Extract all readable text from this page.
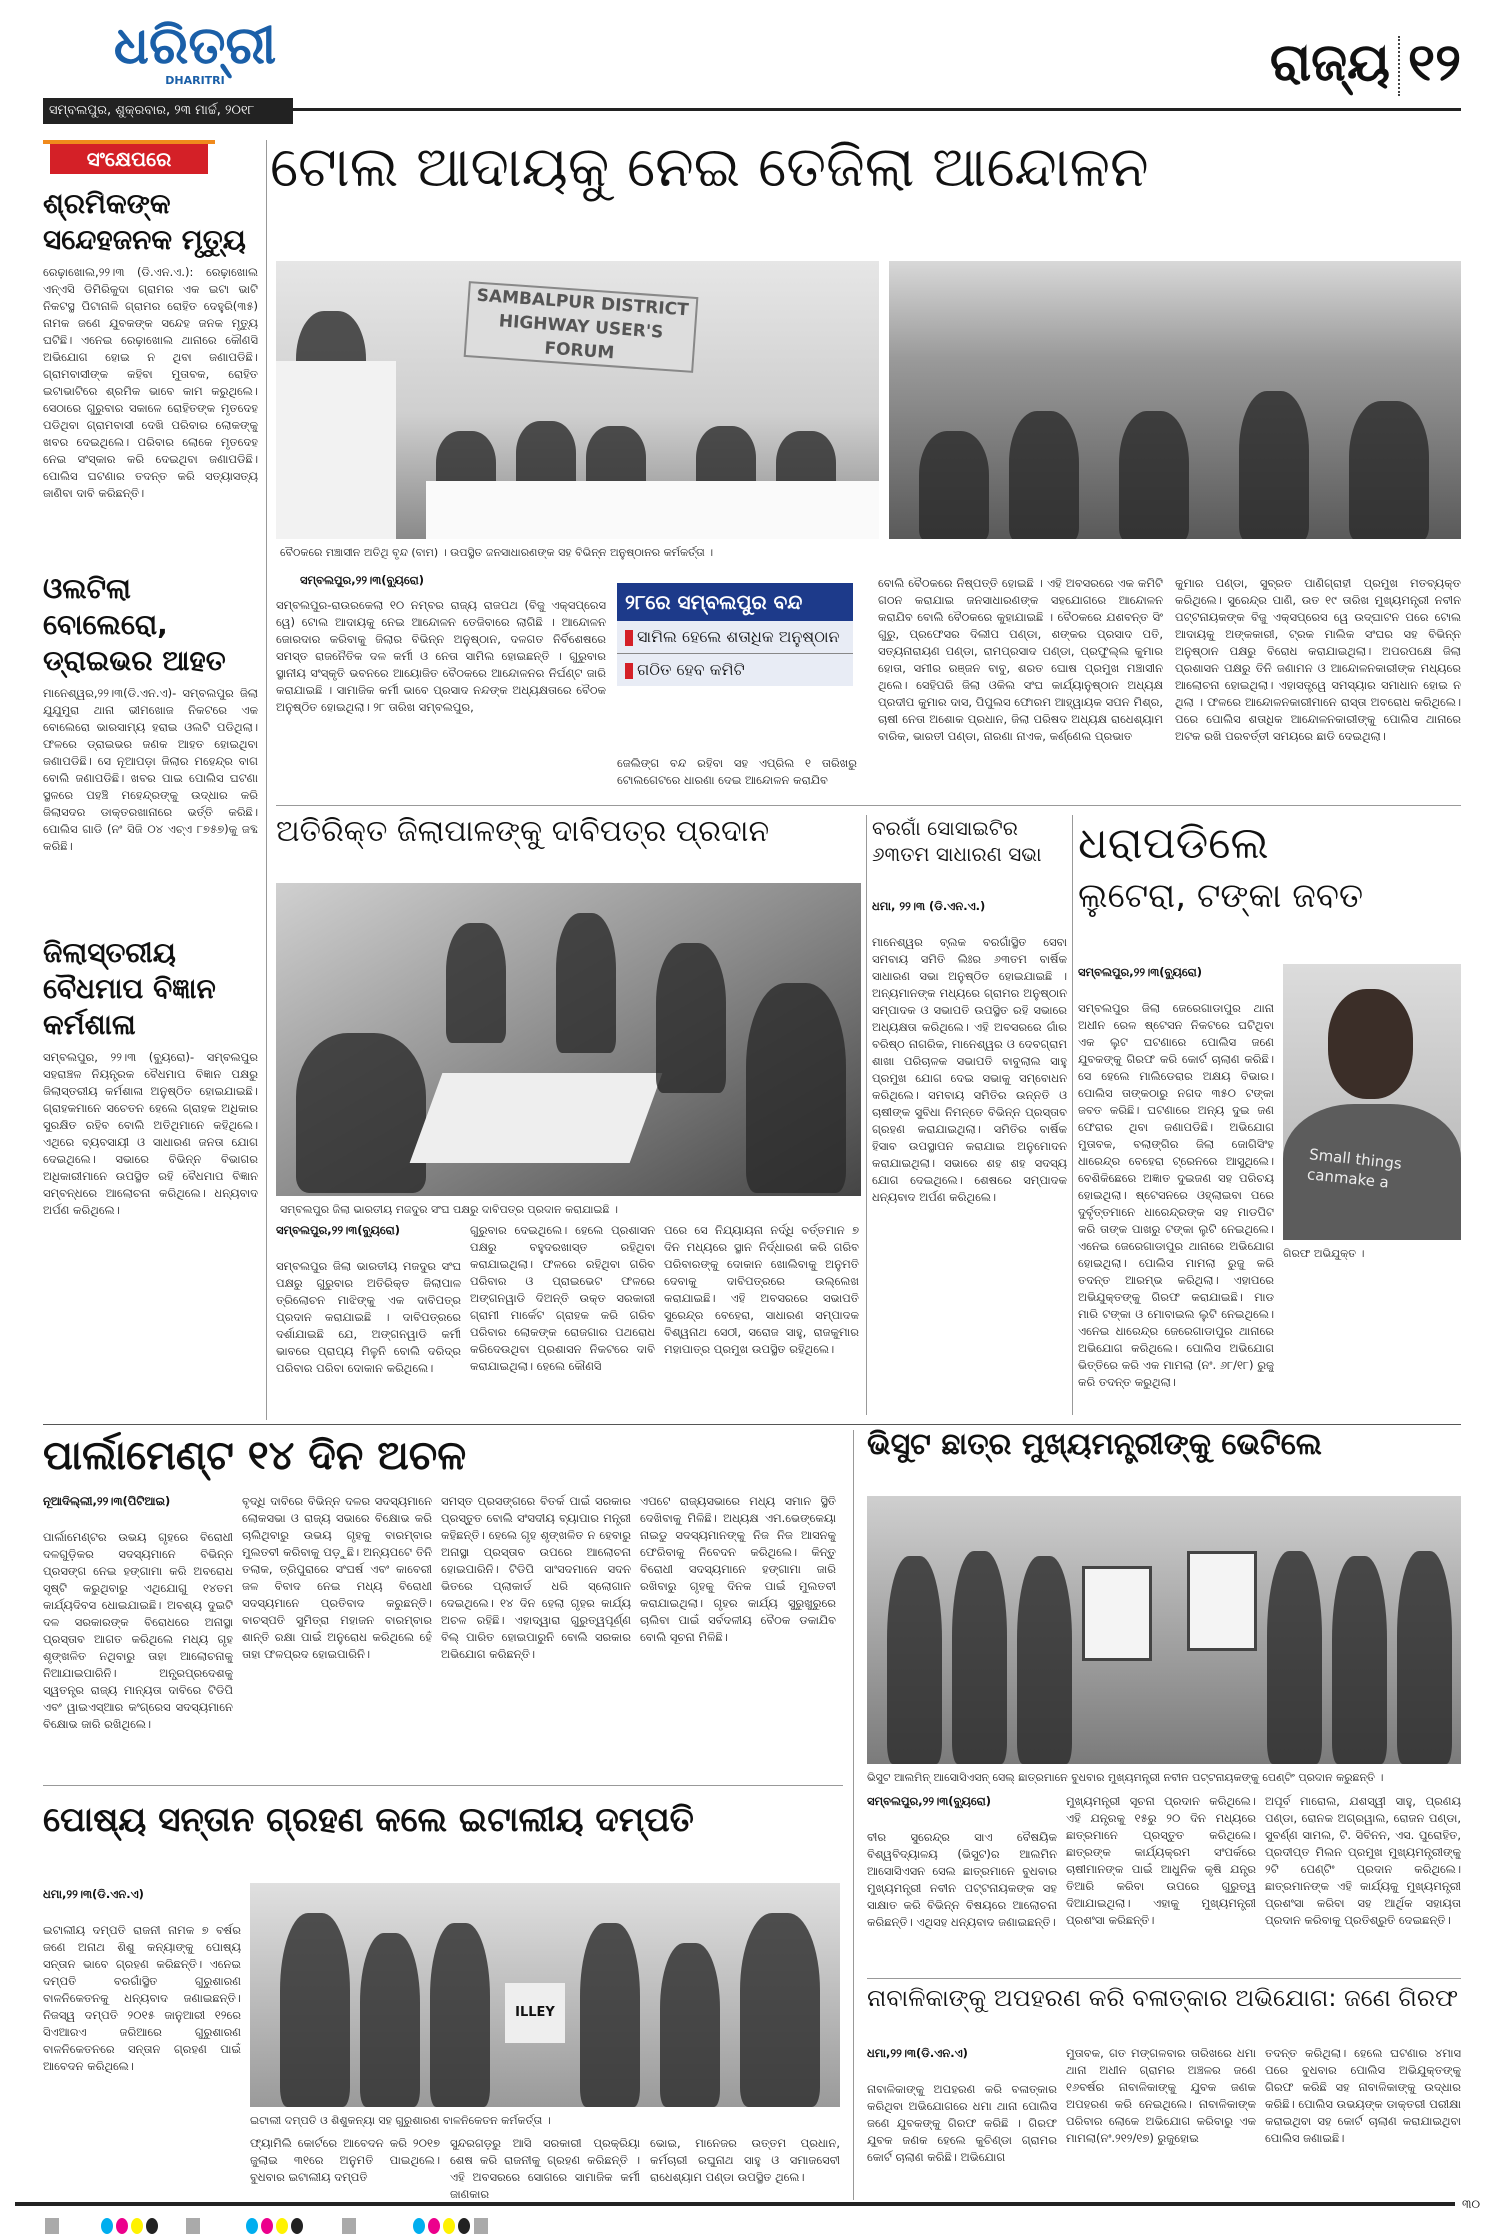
ଧରିତ୍ରୀ
DHARITRI
ସମ୍ବଲପୁର, ଶୁକ୍ରବାର, ୨୩ ମାର୍ଚ୍ଚ, ୨୦୧୮
ରାଜ୍ୟ ୧୨
ସଂକ୍ଷେପରେ
ଶ୍ରମିକଙ୍କ ସନ୍ଦେହଜନକ ମୃତ୍ୟୁ
ରେଢ଼ାଖୋଲ,୨୨।୩ (ଡି.ଏନ.ଏ.): ରେଢ଼ାଖୋଲ ଏନ୍‌ଏସି ଡିମିରିକୁଦା ଗ୍ରାମର ଏକ ଇଟା ଭାଟି ନିକଟସ୍ଥ ପିଟାନାଳି ଗ୍ରାମର ରୋହିତ ଦେହୁରି(୩୫) ନାମକ ଜଣେ ଯୁବକଙ୍କ ସନ୍ଦେହ ଜନକ ମୃତ୍ୟୁ ଘଟିଛି। ଏନେଇ ରେଢ଼ାଖୋଲ ଥାନାରେ କୌଣସି ଅଭିଯୋଗ ହୋଇ ନ ଥିବା ଜଣାପଡିଛି। ଗ୍ରାମବାସୀଙ୍କ କହିବା ମୁତାବକ, ରୋହିତ ଇଟାଭାଟିରେ ଶ୍ରମିକ ଭାବେ କାମ କରୁଥିଲେ। ସେଠାରେ ଗୁରୁବାର ସକାଳେ ରୋହିତଙ୍କ ମୃତଦେହ ପଡିଥିବା ଗ୍ରାମବାସୀ ଦେଖି ପରିବାର ଲୋକଙ୍କୁ ଖବର ଦେଇଥିଲେ। ପରିବାର ଲୋକେ ମୃତଦେହ ନେଇ ସଂସ୍କାର କରି ଦେଇଥିବା ଜଣାପଡିଛି। ପୋଲିସ ଘଟଣାର ତଦନ୍ତ କରି ସତ୍ୟାସତ୍ୟ ଜାଣିବା ଦାବି କରିଛନ୍ତି।
ଓଲଟିଲା ବୋଲେରୋ, ଡ୍ରାଇଭର ଆହତ
ମାନେଶ୍ୱର,୨୨।୩(ଡି.ଏନ.ଏ)- ସମ୍ବଲପୁର ଜିଲା ଯୁଯୁମୁରା ଥାନା ଭୀମଖୋଜ ନିକଟରେ ଏକ ବୋଲେରୋ ଭାରସାମ୍ୟ ହରାଇ ଓଲଟି ପଡିଥିଲା। ଫଳରେ ଡ୍ରାଇଭର ଜଣକ ଆହତ ହୋଇଥିବା ଜଣାପଡିଛି। ସେ ନୂଆପଡ଼ା ଜିଲାର ମହେନ୍ଦ୍ର ବାଗ ବୋଲି ଜଣାପଡିଛି। ଖବର ପାଇ ପୋଲିସ ଘଟଣା ସ୍ଥଳରେ ପହଞ୍ଚି ମହେନ୍ଦ୍ରଙ୍କୁ ଉଦ୍ଧାର କରି ଜିଲାସଦର ଡାକ୍ତରଖାନାରେ ଭର୍ତ୍ତି କରିଛି। ପୋଲିସ ଗାଡି (ନଂ ସିଜି ୦୪ ଏଚ୍‌ଏ ୮୭୫୭)କୁ ଜବ୍ଦ କରିଛି।
ଜିଲାସ୍ତରୀୟ ବୈଧମାପ ବିଜ୍ଞାନ କର୍ମଶାଳା
ସମ୍ବଲପୁର, ୨୨।୩ (ବ୍ୟୁରୋ)- ସମ୍ବଲପୁର ସହରାଞ୍ଚଳ ନିୟନ୍ତ୍ରକ ବୈଧମାପ ବିଜ୍ଞାନ ପକ୍ଷରୁ ଜିଲାସ୍ତରୀୟ କର୍ମଶାଳା ଅନୁଷ୍ଠିତ ହୋଇଯାଇଛି। ଗ୍ରାହକମାନେ ସଚେତନ ହେଲେ ଗ୍ରାହକ ଅଧିକାର ସୁରକ୍ଷିତ ରହିବ ବୋଲି ଅତିଥିମାନେ କହିଥିଲେ। ଏଥିରେ ବ୍ୟବସାୟୀ ଓ ସାଧାରଣ ଜନତା ଯୋଗ ଦେଇଥିଲେ। ସଭାରେ ବିଭିନ୍ନ ବିଭାଗର ଅଧିକାରୀମାନେ ଉପସ୍ଥିତ ରହି ବୈଧମାପ ବିଜ୍ଞାନ ସମ୍ବନ୍ଧରେ ଆଲୋଚନା କରିଥିଲେ। ଧନ୍ୟବାଦ ଅର୍ପଣ କରିଥିଲେ।
ଟୋଲ ଆଦାୟକୁ ନେଇ ତେଜିଲା ଆନ୍ଦୋଳନ
SAMBALPUR DISTRICT
HIGHWAY USER'S FORUM
ବୈଠକରେ ମଞ୍ଚାସୀନ ଅତିଥି ବୃନ୍ଦ (ବାମ) । ଉପସ୍ଥିତ ଜନସାଧାରଣଙ୍କ ସହ ବିଭିନ୍ନ ଅନୁଷ୍ଠାନର କର୍ମକର୍ତ୍ତା ।
ସମ୍ବଲପୁର,୨୨।୩(ବ୍ୟୁରୋ)
ସମ୍ବଲପୁର-ରାଉରକେଲା ୧୦ ନମ୍ବର ରାଜ୍ୟ ରାଜପଥ (ବିଜୁ ଏକ୍ସପ୍ରେସ ୱେ) ଟୋଲ ଆଦାୟକୁ ନେଇ ଆନ୍ଦୋଳନ ତେଜିବାରେ ଲାଗିଛି । ଆନ୍ଦୋଳନ ଜୋରଦାର କରିବାକୁ ଜିଲାର ବିଭିନ୍ନ ଅନୁଷ୍ଠାନ, ଦଳଗତ ନିର୍ବିଶେଷରେ ସମସ୍ତ ରାଜନୈତିକ ଦଳ କର୍ମୀ ଓ ନେତା ସାମିଲ ହୋଇଛନ୍ତି । ଗୁରୁବାର ସ୍ଥାନୀୟ ସଂସ୍କୃତି ଭବନରେ ଆୟୋଜିତ ବୈଠକରେ ଆନ୍ଦୋଳନର ନିର୍ଘଣ୍ଟ ଜାରି କରାଯାଇଛି । ସାମାଜିକ କର୍ମୀ ଭାବେ ପ୍ରସାଦ ନନ୍ଦଙ୍କ ଅଧ୍ୟକ୍ଷତାରେ ବୈଠକ ଅନୁଷ୍ଠିତ ହୋଇଥିଲା। ୨୮ ତାରିଖ ସମ୍ବଲପୁର,
୨୮ରେ ସମ୍ବଲପୁର ବନ୍ଦ
ସାମିଲ ହେଲେ ଶତାଧିକ ଅନୁଷ୍ଠାନ
ଗଠିତ ହେବ କମିଟି
ଜେଲିଙ୍ଗ ବନ୍ଦ ରହିବା ସହ ଏପ୍ରିଲ ୧ ତାରିଖରୁ ଟୋଲଗେଟରେ ଧାରଣା ଦେଇ ଆନ୍ଦୋଳନ କରାଯିବ
ବୋଲି ବୈଠକରେ ନିଷ୍ପତ୍ତି ହୋଇଛି । ଏହି ଅବସରରେ ଏକ କମିଟି ଗଠନ କରାଯାଇ ଜନସାଧାରଣଙ୍କ ସହଯୋଗରେ ଆନ୍ଦୋଳନ କରାଯିବ ବୋଲି ବୈଠକରେ କୁହାଯାଇଛି । ବୈଠକରେ ଯଶବନ୍ତ ସିଂ ଗୁରୁ, ପ୍ରଫେସର ଦିଲୀପ ପଣ୍ଡା, ଶଙ୍କର ପ୍ରସାଦ ପତି, ସତ୍ୟନାରାୟଣ ପଣ୍ଡା, ରାମପ୍ରସାଦ ପଣ୍ଡା, ପ୍ରଫୁଲ୍ଲ କୁମାର ହୋତା, ସମୀର ରଞ୍ଜନ ବାବୁ, ଶରତ ଘୋଷ ପ୍ରମୁଖ ମଞ୍ଚାସୀନ ଥିଲେ। ସେହିପରି ଜିଲା ଓକିଲ ସଂଘ କାର୍ଯ୍ୟାନୁଷ୍ଠାନ ଅଧ୍ୟକ୍ଷ ପ୍ରଦୀପ କୁମାର ଦାସ, ପିପୁଲସ ଫୋରମ ଆହ୍ୱାୟକ ସପନ ମିଶ୍ର, ଚାଷୀ ନେତା ଅଶୋକ ପ୍ରଧାନ, ଜିଲା ପରିଷଦ ଅଧ୍ୟକ୍ଷ ରାଧେଶ୍ୟାମ ବାରିକ, ଭାରତୀ ପଣ୍ଡା, ନାରଣା ନାଏକ, କର୍ଣ୍ଣେଲ ପ୍ରଭାତ
କୁମାର ପଣ୍ଡା, ସୁବ୍ରତ ପାଣିଗ୍ରାହୀ ପ୍ରମୁଖ ମତବ୍ୟକ୍ତ କରିଥିଲେ। ସୁରେନ୍ଦ୍ର ପାଣି, ଉତ ୧୯ ତାରିଖ ମୁଖ୍ୟମନ୍ତ୍ରୀ ନବୀନ ପଟ୍ଟନାୟକଙ୍କ ବିଜୁ ଏକ୍ସପ୍ରେସ ୱେ ଉଦ୍‌ଘାଟନ ପରେ ଟୋଲ ଆଦାୟକୁ ଅଙ୍କକାରୀ, ଟ୍ରକ ମାଲିକ ସଂଘର ସହ ବିଭିନ୍ନ ଅନୁଷ୍ଠାନ ପକ୍ଷରୁ ବିରୋଧ କରାଯାଇଥିଲା। ଅପରପକ୍ଷେ ଜିଲା ପ୍ରଶାସନ ପକ୍ଷରୁ ତିନି ଜଣାମନ ଓ ଆନ୍ଦୋଳନକାରୀଙ୍କ ମଧ୍ୟରେ ଆଲୋଚନା ହୋଇଥିଲା। ଏହାସତ୍ତ୍ୱେ ସମସ୍ୟାର ସମାଧାନ ହୋଇ ନ ଥିଲା । ଫଳରେ ଆନ୍ଦୋଳନକାରୀମାନେ ରାସ୍ତା ଅବରୋଧ କରିଥିଲେ। ପରେ ପୋଲିସ ଶତାଧିକ ଆନ୍ଦୋଳନକାରୀଙ୍କୁ ପୋଲିସ ଥାନାରେ ଅଟକ ରଖି ପରବର୍ତ୍ତୀ ସମୟରେ ଛାଡି ଦେଇଥିଲା।
ଅତିରିକ୍ତ ଜିଲାପାଳଙ୍କୁ ଦାବିପତ୍ର ପ୍ରଦାନ
ସମ୍ବଲପୁର ଜିଲା ଭାରତୀୟ ମଜଦୁର ସଂଘ ପକ୍ଷରୁ ଦାବିପତ୍ର ପ୍ରଦାନ କରାଯାଇଛି ।
ସମ୍ବଲପୁର,୨୨।୩(ବ୍ୟୁରୋ)
ସମ୍ବଲପୁର ଜିଲା ଭାରତୀୟ ମଜଦୁର ସଂଘ ପକ୍ଷରୁ ଗୁରୁବାର ଅତିରିକ୍ତ ଜିଲାପାଳ ତ୍ରିଲୋଚନ ମାଝିଙ୍କୁ ଏକ ଦାବିପତ୍ର ପ୍ରଦାନ କରାଯାଇଛି । ଦାବିପତ୍ରରେ ଦର୍ଶାଯାଇଛି ଯେ, ଅଙ୍ଗନୱାଡି କର୍ମୀ ଭାବରେ ପ୍ରାପ୍ୟ ମିଳୁନି ବୋଲି ଦରିଦ୍ର ପରିବାର ପରିବା ଦୋକାନ କରିଥିଲେ।
ଗୁରୁବାର ଦେଇଥିଲେ। ହେଲେ ପ୍ରଶାସନ ପକ୍ଷରୁ ବହୁଦରଖାସ୍ତ ରହିଥିବା କରାଯାଇଥିଲା। ଫଳରେ ରହିଥିବା ଗରିବ ପରିବାର ଓ ପ୍ରାଇଭେଟ ଫଳରେ ଅଙ୍ଗନୱାଡି ଦିଅନ୍ତି ଉକ୍ତ ସରକାରୀ ଗ୍ରାମୀ ମାର୍କେଟ ଗ୍ରାହକ କରି ଗରିବ ପରିବାର ଲୋକଙ୍କ ରୋଜଗାର ପଥରୋଧ କରିଦେଉଥିବା ପ୍ରଶାସନ ନିକଟରେ ଦାବି କରାଯାଇଥିଲା। ହେଲେ କୌଣସି
ପରେ ସେ ନିଯ୍ୟାୟନା ନର୍ଦ୍ଧି ବର୍ତ୍ତମାନ ୭ ଦିନ ମଧ୍ୟରେ ସ୍ଥାନ ନିର୍ଦ୍ଧାରଣ କରି ଗରିବ ପରିବାରଙ୍କୁ ଦୋକାନ ଖୋଲିବାକୁ ଅନୁମତି ଦେବାକୁ ଦାବିପତ୍ରରେ ଉଲ୍ଲେଖ କରାଯାଇଛି। ଏହି ଅବସରରେ ସଭାପତି ସୁରେନ୍ଦ୍ର ବେହେରା, ସାଧାରଣ ସମ୍ପାଦକ ବିଶ୍ୱନାଥ ସେଠୀ, ସରୋଜ ସାହୁ, ରାଜକୁମାର ମହାପାତ୍ର ପ୍ରମୁଖ ଉପସ୍ଥିତ ରହିଥିଲେ।
ବରଗାଁ ସୋସାଇଟିର ୬୩ତମ ସାଧାରଣ ସଭା
ଧମା, ୨୨।୩ (ଡି.ଏନ.ଏ.)
ମାନେଶ୍ୱର ବ୍ଲକ ବରଗାଁସ୍ଥିତ ସେବା ସମବାୟ ସମିତି ଲିଃର ୬୩ତମ ବାର୍ଷିକ ସାଧାରଣ ସଭା ଅନୁଷ୍ଠିତ ହୋଇଯାଇଛି । ଅନ୍ୟମାନଙ୍କ ମଧ୍ୟରେ ଗ୍ରାମର ଅନୁଷ୍ଠାନ ସମ୍ପାଦକ ଓ ସଭାପତି ଉପସ୍ଥିତ ରହି ସଭାରେ ଅଧ୍ୟକ୍ଷତା କରିଥିଲେ। ଏହି ଅବସରରେ ଗାଁର ବରିଷ୍ଠ ନାଗରିକ, ମାନେଶ୍ୱର ଓ ଦେବଗ୍ରାମ ଶାଖା ପରିଚାଳକ ସଭାପତି ବାବୁଲାଲ ସାହୁ ପ୍ରମୁଖ ଯୋଗ ଦେଇ ସଭାକୁ ସମ୍ବୋଧନ କରିଥିଲେ। ସମବାୟ ସମିତିର ଉନ୍ନତି ଓ ଚାଷୀଙ୍କ ସୁବିଧା ନିମନ୍ତେ ବିଭିନ୍ନ ପ୍ରସ୍ତାବ ଗ୍ରହଣ କରାଯାଇଥିଲା। ସମିତିର ବାର୍ଷିକ ହିସାବ ଉପସ୍ଥାପନ କରାଯାଇ ଅନୁମୋଦନ କରାଯାଇଥିଲା। ସଭାରେ ଶହ ଶହ ସଦସ୍ୟ ଯୋଗ ଦେଇଥିଲେ। ଶେଷରେ ସମ୍ପାଦକ ଧନ୍ୟବାଦ ଅର୍ପଣ କରିଥିଲେ।
ଧରାପଡିଲେ
ଲୁଟେରା, ଟଙ୍କା ଜବତ
Small things
canmake a
ସମ୍ବଲପୁର,୨୨।୩(ବ୍ୟୁରୋ)
ସମ୍ବଲପୁର ଜିଲା ଜେରେଗାଡାପୁର ଥାନା ଅଧୀନ ରେଳ ଷ୍ଟେସନ ନିକଟରେ ଘଟିଥିବା ଏକ ଲୁଟ ଘଟଣାରେ ପୋଲିସ ଜଣେ ଯୁବକଙ୍କୁ ଗିରଫ କରି କୋର୍ଟ ଚାଲାଣ କରିଛି। ସେ ହେଲେ ମାଲିଡେରାର ଅକ୍ଷୟ ବିଭାର। ପୋଲିସ ତାଙ୍କଠାରୁ ନଗଦ ୩୫୦ ଟଙ୍କା ଜବତ କରିଛି। ଘଟଣାରେ ଅନ୍ୟ ଦୁଇ ଜଣ ଫେରାର ଥିବା ଜଣାପଡିଛି। ଅଭିଯୋଗ ମୁତାବକ, ବଲାଙ୍ଗିର ଜିଲା ଜୋଗିସିଂହ ଧାରେନ୍ଦ୍ର ବେହେରା ଟ୍ରେନରେ ଆସୁଥିଲେ। ବେଶିକିଛେରେ ଅଜ୍ଞାତ ଦୁଇଜଣ ସହ ପରିଚୟ ହୋଇଥିଲା। ଷ୍ଟେସନରେ ଓହ୍ଲାଇବା ପରେ ଦୁର୍ବୃତ୍ତମାନେ ଧାରେନ୍ଦ୍ରଙ୍କ ସହ ମାଡପିଟ କରି ତାଙ୍କ ପାଖରୁ ଟଙ୍କା ଲୁଟି ନେଇଥିଲେ। ଏନେଇ ଜେରେଗାଡାପୁର ଥାନାରେ ଅଭିଯୋଗ ହୋଇଥିଲା। ପୋଲିସ ମାମଲା ରୁଜୁ କରି ତଦନ୍ତ ଆରମ୍ଭ କରିଥିଲା। ଏହାପରେ ଅଭିଯୁକ୍ତଙ୍କୁ ଗିରଫ କରାଯାଇଛି। ମାଡ ମାରି ଟଙ୍କା ଓ ମୋବାଇଲ ଲୁଟି ନେଇଥିଲେ। ଏନେଇ ଧାରେନ୍ଦ୍ର ଜେରେଗାଡାପୁର ଥାନାରେ ଅଭିଯୋଗ କରିଥିଲେ। ପୋଲିସ ଅଭିଯୋଗ ଭିତ୍ତିରେ କରି ଏକ ମାମଲା (ନଂ. ୬୮/୧୮) ରୁଜୁ କରି ତଦନ୍ତ କରୁଥିଲା।
ଗିରଫ ଅଭିଯୁକ୍ତ ।
ପାର୍ଲାମେଣ୍ଟ ୧୪ ଦିନ ଅଚଳ
ନୂଆଦିଲ୍ଲୀ,୨୨।୩(ପିଟିଆଇ)
ପାର୍ଲାମେଣ୍ଟର ଉଭୟ ଗୃହରେ ବିରୋଧୀ ଦଳଗୁଡ଼ିକର ସଦସ୍ୟମାନେ ବିଭିନ୍ନ ପ୍ରସଙ୍ଗ ନେଇ ହଙ୍ଗାମା କରି ଅବରୋଧ ସୃଷ୍ଟି କରୁଥିବାରୁ ଏଥିଯୋଗୁ ୧୪ତମ କାର୍ଯ୍ୟଦିବସ ଧୋଇଯାଇଛି। ଅବଶ୍ୟ ଦୁଇଟି ଦଳ ସରକାରଙ୍କ ବିରୋଧରେ ଅନାସ୍ଥା ପ୍ରସ୍ତାବ ଆଗତ କରିଥିଲେ ମଧ୍ୟ ଗୃହ ଶୃଙ୍ଖଳିତ ନଥିବାରୁ ତାହା ଆଲୋଚନାକୁ ନିଆଯାଇପାରିନି। ଅନ୍ଧ୍ରପ୍ରଦେଶକୁ ସ୍ୱତନ୍ତ୍ର ରାଜ୍ୟ ମାନ୍ୟତା ଦାବିରେ ଟିଡିପି ଏବଂ ୱାଇଏସ୍‌ଆର କଂଗ୍ରେସ ସଦସ୍ୟମାନେ ବିକ୍ଷୋଭ ଜାରି ରଖିଥିଲେ।
ବୃଦ୍ଧି ଦାବିରେ ବିଭିନ୍ନ ଦଳର ସଦସ୍ୟମାନେ ଲୋକସଭା ଓ ରାଜ୍ୟ ସଭାରେ ବିକ୍ଷୋଭ କରି ଚାଲିଥିବାରୁ ଉଭୟ ଗୃହକୁ ବାରମ୍ବାର ମୁଲତବୀ କରିବାକୁ ପଡ଼ୁଛି। ଅନ୍ୟପଟେ ତିନି ତଲାକ, ତ୍ରିପୁରାରେ ସଂଘର୍ଷ ଏବଂ କାବେରୀ ଜଳ ବିବାଦ ନେଇ ମଧ୍ୟ ବିରୋଧୀ ସଦସ୍ୟମାନେ ପ୍ରତିବାଦ କରୁଛନ୍ତି। ବାଚସ୍ପତି ସୁମିତ୍ରା ମହାଜନ ବାରମ୍ବାର ଶାନ୍ତି ରକ୍ଷା ପାଇଁ ଅନୁରୋଧ କରିଥିଲେ ହେଁ ତାହା ଫଳପ୍ରଦ ହୋଇପାରିନି।
ସମସ୍ତ ପ୍ରସଙ୍ଗରେ ବିତର୍କ ପାଇଁ ସରକାର ପ୍ରସ୍ତୁତ ବୋଲି ସଂସଦୀୟ ବ୍ୟାପାର ମନ୍ତ୍ରୀ କହିଛନ୍ତି। ହେଲେ ଗୃହ ଶୃଙ୍ଖଳିତ ନ ହେବାରୁ ଅନାସ୍ଥା ପ୍ରସ୍ତାବ ଉପରେ ଆଲୋଚନା ହୋଇପାରିନି। ଟିଡିପି ସାଂସଦମାନେ ସଦନ ଭିତରେ ପ୍ଲାକାର୍ଡ ଧରି ସ୍ଲୋଗାନ ଦେଇଥିଲେ। ୧୪ ଦିନ ହେଲା ଗୃହର କାର୍ଯ୍ୟ ଅଚଳ ରହିଛି। ଏହାଦ୍ୱାରା ଗୁରୁତ୍ୱପୂର୍ଣ୍ଣ ବିଲ୍ ପାରିତ ହୋଇପାରୁନି ବୋଲି ସରକାର ଅଭିଯୋଗ କରିଛନ୍ତି।
ଏପଟେ ରାଜ୍ୟସଭାରେ ମଧ୍ୟ ସମାନ ସ୍ଥିତି ଦେଖିବାକୁ ମିଳିଛି। ଅଧ୍ୟକ୍ଷ ଏମ.ଭେଙ୍କେୟା ନାଇଡୁ ସଦସ୍ୟମାନଙ୍କୁ ନିଜ ନିଜ ଆସନକୁ ଫେରିବାକୁ ନିବେଦନ କରିଥିଲେ। କିନ୍ତୁ ବିରୋଧୀ ସଦସ୍ୟମାନେ ହଙ୍ଗାମା ଜାରି ରଖିବାରୁ ଗୃହକୁ ଦିନକ ପାଇଁ ମୁଲତବୀ କରାଯାଇଥିଲା। ଗୃହର କାର୍ଯ୍ୟ ସୁରୁଖୁରୁରେ ଚାଲିବା ପାଇଁ ସର୍ବଦଳୀୟ ବୈଠକ ଡକାଯିବ ବୋଲି ସୂଚନା ମିଳିଛି।
ଭିସୁଟ ଛାତ୍ର ମୁଖ୍ୟମନ୍ତ୍ରୀଙ୍କୁ ଭେଟିଲେ
ଭିସୁଟ ଆଲମିନ୍ ଆସୋସିଏସନ୍ ସେଲ୍ ଛାତ୍ରମାନେ ବୁଧବାର ମୁଖ୍ୟମନ୍ତ୍ରୀ ନବୀନ ପଟ୍ଟନାୟକଙ୍କୁ ପେଣ୍ଟିଂ ପ୍ରଦାନ କରୁଛନ୍ତି ।
ସମ୍ବଲପୁର,୨୨।୩(ବ୍ୟୁରୋ)
ବୀର ସୁରେନ୍ଦ୍ର ସାଏ ବୈଷୟିକ ବିଶ୍ୱବିଦ୍ୟାଳୟ (ଭିସୁଟ)ର ଆଲମିନ ଆସୋସିଏସନ ସେଲ ଛାତ୍ରମାନେ ବୁଧବାର ମୁଖ୍ୟମନ୍ତ୍ରୀ ନବୀନ ପଟ୍ଟନାୟକଙ୍କ ସହ ସାକ୍ଷାତ କରି ବିଭିନ୍ନ ବିଷୟରେ ଆଲୋଚନା କରିଛନ୍ତି। ଏଥିସହ ଧନ୍ୟବାଦ ଜଣାଇଛନ୍ତି।
ମୁଖ୍ୟମନ୍ତ୍ରୀ ସୂଚନା ପ୍ରଦାନ କରିଥିଲେ। ଏହି ଯନ୍ତ୍ରକୁ ୧୫ରୁ ୨୦ ଦିନ ମଧ୍ୟରେ ଛାତ୍ରମାନେ ପ୍ରସ୍ତୁତ କରିଥିଲେ। ଛାତ୍ରଙ୍କ କାର୍ଯ୍ୟକ୍ରମ ସଂପର୍କରେ ଚାଷୀମାନଙ୍କ ପାଇଁ ଆଧୁନିକ କୃଷି ଯନ୍ତ୍ର ତିଆରି କରିବା ଉପରେ ଗୁରୁତ୍ୱ ଦିଆଯାଇଥିଲା। ଏହାକୁ ମୁଖ୍ୟମନ୍ତ୍ରୀ ପ୍ରଶଂସା କରିଛନ୍ତି।
ଅପୂର୍ବ ମାରୋଲ, ଯଶସ୍ୱୀ ସାହୁ, ପ୍ରଣୟ ପଣ୍ଡା, ରୋନକ ଅଗ୍ରୱାଲ, ରୋଜନ ପଣ୍ଡା, ସୁବର୍ଣ୍ଣ ସାମଲ, ଟି. ସିବିନନ, ଏସ. ପୁରୋହିତ, ପ୍ରଦୀପ୍ତ ମିଲନ ପ୍ରମୁଖ ମୁଖ୍ୟମନ୍ତ୍ରୀଙ୍କୁ ୨ଟି ପେଣ୍ଟିଂ ପ୍ରଦାନ କରିଥିଲେ। ଛାତ୍ରମାନଙ୍କ ଏହି କାର୍ଯ୍ୟକୁ ମୁଖ୍ୟମନ୍ତ୍ରୀ ପ୍ରଶଂସା କରିବା ସହ ଆର୍ଥିକ ସହାୟତା ପ୍ରଦାନ କରିବାକୁ ପ୍ରତିଶ୍ରୁତି ଦେଇଛନ୍ତି।
ପୋଷ୍ୟ ସନ୍ତାନ ଗ୍ରହଣ କଲେ ଇଟାଲୀୟ ଦମ୍ପତି
ଧମା,୨୨।୩(ଡି.ଏନ.ଏ)
ଇଟାଲୀୟ ଦମ୍ପତି ରାଜନୀ ନାମକ ୭ ବର୍ଷର ଜଣେ ଅନାଥ ଶିଶୁ କନ୍ୟାଙ୍କୁ ପୋଷ୍ୟ ସନ୍ତାନ ଭାବେ ଗ୍ରହଣ କରିଛନ୍ତି। ଏନେଇ ଦମ୍ପତି ବରଗାଁସ୍ଥିତ ଗୁରୁଶାରଣ ବାଳନିକେତନକୁ ଧନ୍ୟବାଦ ଜଣାଇଛନ୍ତି। ନିଜସ୍ୱ ଦମ୍ପତି ୨୦୧୫ ଜାନୁଆରୀ ୧୨ରେ ସିଏଆରଏ ଜରିଆରେ ଗୁରୁଶାରଣ ବାଳନିକେତନରେ ସନ୍ତାନ ଗ୍ରହଣ ପାଇଁ ଆବେଦନ କରିଥିଲେ।
ILLEY
ଇଟାଲୀ ଦମ୍ପତି ଓ ଶିଶୁକନ୍ୟା ସହ ଗୁରୁଶାରଣ ବାଳନିକେତନ କର୍ମକର୍ତ୍ତା ।
ଫ୍ୟାମିଲି କୋର୍ଟରେ ଆବେଦନ କରି ୨୦୧୭ ଜୁଲାଇ ୩୧ରେ ଅନୁମତି ପାଇଥିଲେ। ବୁଧବାର ଇଟାଲୀୟ ଦମ୍ପତି
ସୁନ୍ଦରଗଡ଼ରୁ ଆସି ସରକାରୀ ପ୍ରକ୍ରିୟା ଶେଷ କରି ରାଜନୀକୁ ଗ୍ରହଣ କରିଛନ୍ତି । ଏହି ଅବସରରେ ସୋଗରେ ସାମାଜିକ କର୍ମୀ ଜାଣକାର
ଭୋଇ, ମାନେଜର ଉତ୍ତମ ପ୍ରଧାନ, କର୍ମଚାରୀ ରଘୁନାଥ ସାହୁ ଓ ସମାଜସେବୀ ରାଧେଶ୍ୟାମ ପଣ୍ଡା ଉପସ୍ଥିତ ଥିଲେ।
ନାବାଳିକାଙ୍କୁ ଅପହରଣ କରି ବଳାତ୍କାର ଅଭିଯୋଗ: ଜଣେ ଗିରଫ
ଧମା,୨୨।୩(ଡି.ଏନ.ଏ)
ନାବାଳିକାଙ୍କୁ ଅପହରଣ କରି ବଳାତ୍କାର କରିଥିବା ଅଭିଯୋଗରେ ଧମା ଥାନା ପୋଲିସ ଜଣେ ଯୁବକଙ୍କୁ ଗିରଫ କରିଛି । ଗିରଫ ଯୁବକ ଜଣକ ହେଲେ କୁଚିଣ୍ଡା ଗ୍ରାମର କୋର୍ଟ ଚାଲାଣ କରିଛି। ଅଭିଯୋଗ
ମୁତାବକ, ଗତ ମଙ୍ଗଳବାର ତାରିଖରେ ଧମା ଥାନା ଅଧୀନ ଗ୍ରାମର ଅଞ୍ଚଳର ଜଣେ ୧୬ବର୍ଷର ନାବାଳିକାଙ୍କୁ ଯୁବକ ଜଣକ ଅପହରଣ କରି ନେଇଥିଲେ। ନାବାଳିକାଙ୍କ ପରିବାର ଲୋକେ ଅଭିଯୋଗ କରିବାରୁ ଏକ ମାମଲା(ନଂ.୨୧୨/୧୭) ରୁଜୁହୋଇ
ତଦନ୍ତ କରିଥିଲା। ହେଲେ ଘଟଣାର ୪ମାସ ପରେ ବୁଧବାର ପୋଲିସ ଅଭିଯୁକ୍ତଙ୍କୁ ଗିରଫ କରିଛି ସହ ନାବାଳିକାଙ୍କୁ ଉଦ୍ଧାର କରିଛି। ପୋଲିସ ଉଭୟଙ୍କ ଡାକ୍ତରୀ ପରୀକ୍ଷା କରାଇଥିବା ସହ କୋର୍ଟ ଚାଲାଣ କରାଯାଇଥିବା ପୋଲିସ ଜଣାଇଛି।
୩୦
